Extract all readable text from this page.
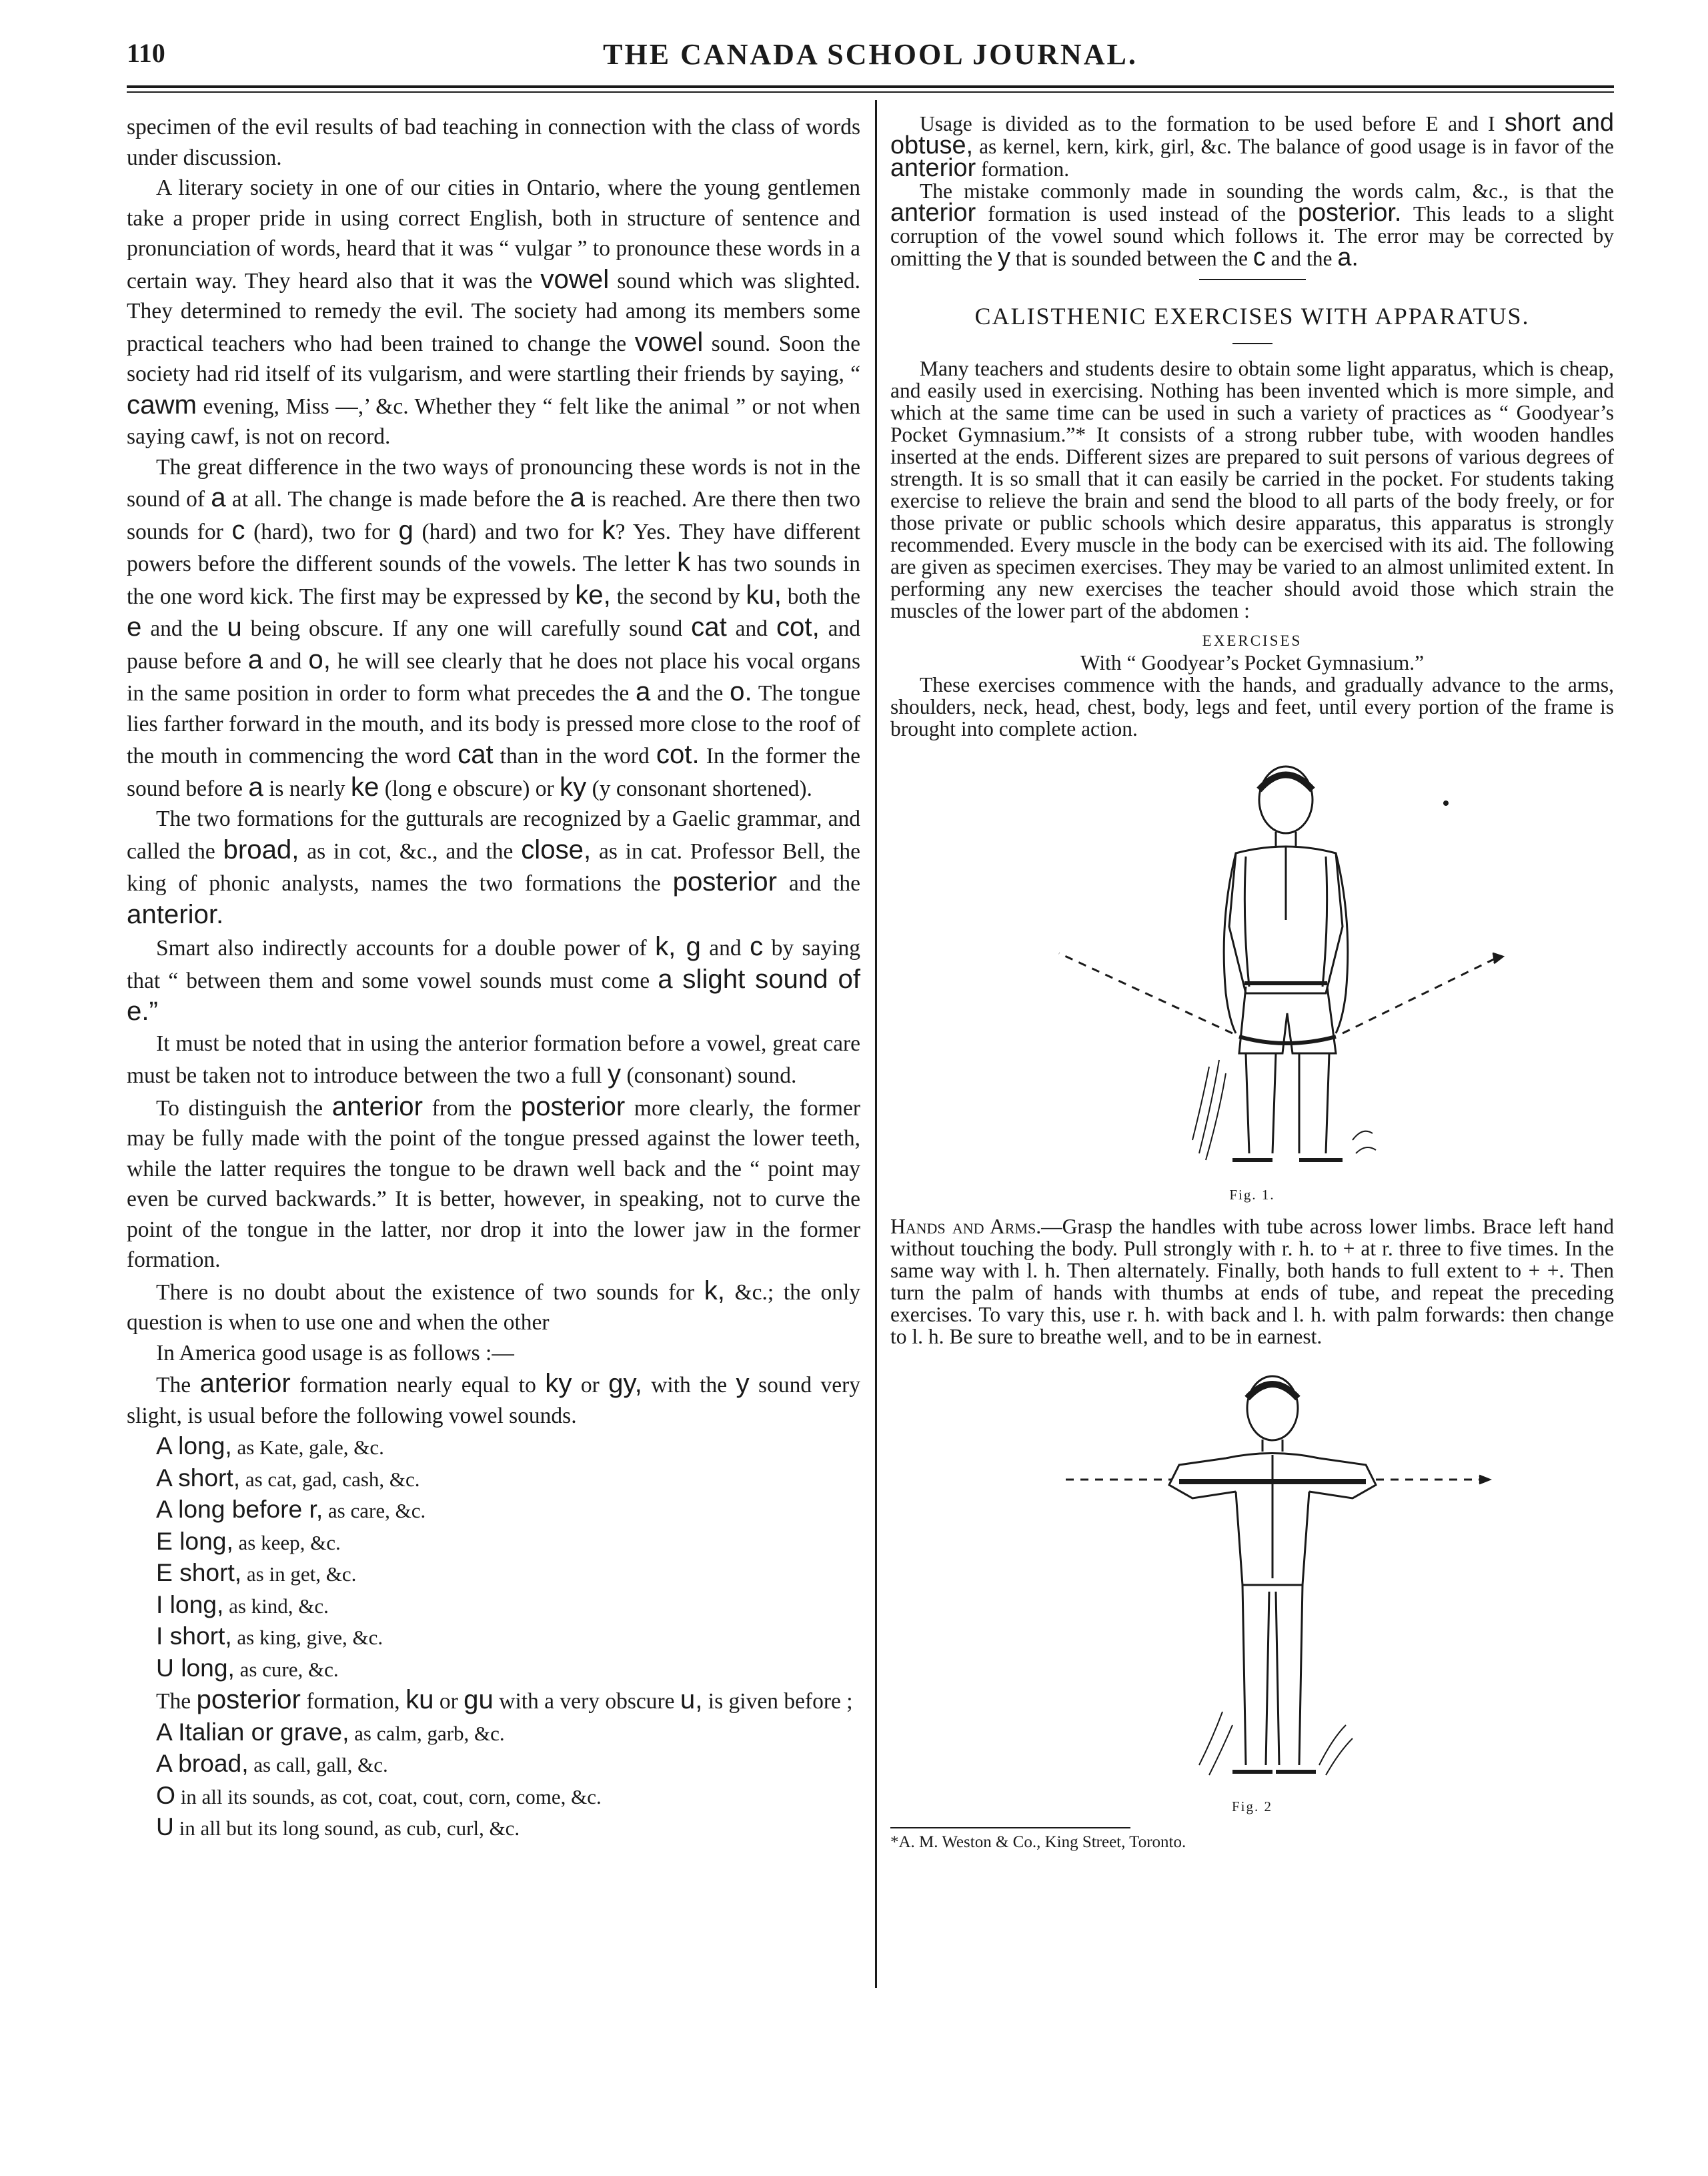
110	THE CANADA SCHOOL JOURNAL.

specimen of the evil results of bad teaching in connection with the class of words under discussion.

A literary society in one of our cities in Ontario, where the young gentlemen take a proper pride in using correct English, both in structure of sentence and pronunciation of words, heard that it was “ vulgar ” to pronounce these words in a certain way. They heard also that it was the vowel sound which was slighted. They determined to remedy the evil. The society had among its members some practical teachers who had been trained to change the vowel sound. Soon the society had rid itself of its vulgarism, and were startling their friends by saying, “ cawm evening, Miss —,’ &c. Whether they “ felt like the animal ” or not when saying cawf, is not on record.

The great difference in the two ways of pronouncing these words is not in the sound of a at all. The change is made before the a is reached. Are there then two sounds for c (hard), two for g (hard) and two for k? Yes. They have different powers before the different sounds of the vowels. The letter k has two sounds in the one word kick. The first may be expressed by ke, the second by ku, both the e and the u being obscure. If any one will carefully sound cat and cot, and pause before a and o, he will see clearly that he does not place his vocal organs in the same position in order to form what precedes the a and the o. The tongue lies farther forward in the mouth, and its body is pressed more close to the roof of the mouth in commencing the word cat than in the word cot. In the former the sound before a is nearly ke (long e obscure) or ky (y consonant shortened).

The two formations for the gutturals are recognized by a Gaelic grammar, and called the broad, as in cot, &c., and the close, as in cat. Professor Bell, the king of phonic analysts, names the two formations the posterior and the anterior.

Smart also indirectly accounts for a double power of k, g and c by saying that “ between them and some vowel sounds must come a slight sound of e.”

It must be noted that in using the anterior formation before a vowel, great care must be taken not to introduce between the two a full y (consonant) sound.

To distinguish the anterior from the posterior more clearly, the former may be fully made with the point of the tongue pressed against the lower teeth, while the latter requires the tongue to be drawn well back and the “ point may even be curved backwards.” It is better, however, in speaking, not to curve the point of the tongue in the latter, nor drop it into the lower jaw in the former formation.

There is no doubt about the existence of two sounds for k, &c.; the only question is when to use one and when the other

In America good usage is as follows :—

The anterior formation nearly equal to ky or gy, with the y sound very slight, is usual before the following vowel sounds.

A long, as Kate, gale, &c.
A short, as cat, gad, cash, &c.
A long before r, as care, &c.
E long, as keep, &c.
E short, as in get, &c.
I long, as kind, &c.
I short, as king, give, &c.
U long, as cure, &c.

The posterior formation, ku or gu with a very obscure u, is given before ;

A Italian or grave, as calm, garb, &c.
A broad, as call, gall, &c.
O in all its sounds, as cot, coat, cout, corn, come, &c.
U in all but its long sound, as cub, curl, &c.

Usage is divided as to the formation to be used before E and I short and obtuse, as kernel, kern, kirk, girl, &c. The balance of good usage is in favor of the anterior formation.

The mistake commonly made in sounding the words calm, &c., is that the anterior formation is used instead of the posterior. This leads to a slight corruption of the vowel sound which follows it. The error may be corrected by omitting the y that is sounded between the c and the a.

CALISTHENIC EXERCISES WITH APPARATUS.

Many teachers and students desire to obtain some light apparatus, which is cheap, and easily used in exercising. Nothing has been invented which is more simple, and which at the same time can be used in such a variety of practices as “ Goodyear’s Pocket Gymnasium.”* It consists of a strong rubber tube, with wooden handles inserted at the ends. Different sizes are prepared to suit persons of various degrees of strength. It is so small that it can easily be carried in the pocket. For students taking exercise to relieve the brain and send the blood to all parts of the body freely, or for those private or public schools which desire apparatus, this apparatus is strongly recommended. Every muscle in the body can be exercised with its aid. The following are given as specimen exercises. They may be varied to an almost unlimited extent. In performing any new exercises the teacher should avoid those which strain the muscles of the lower part of the abdomen :

EXERCISES

With “ Goodyear’s Pocket Gymnasium.”

These exercises commence with the hands, and gradually advance to the arms, shoulders, neck, head, chest, body, legs and feet, until every portion of the frame is brought into complete action.

Fig. 1.

Hands and Arms.—Grasp the handles with tube across lower limbs. Brace left hand without touching the body. Pull strongly with r. h. to + at r. three to five times. In the same way with l. h. Then alternately. Finally, both hands to full extent to + +. Then turn the palm of hands with thumbs at ends of tube, and repeat the preceding exercises. To vary this, use r. h. with back and l. h. with palm forwards: then change to l. h. Be sure to breathe well, and to be in earnest.

Fig. 2
*A. M. Weston & Co., King Street, Toronto.
